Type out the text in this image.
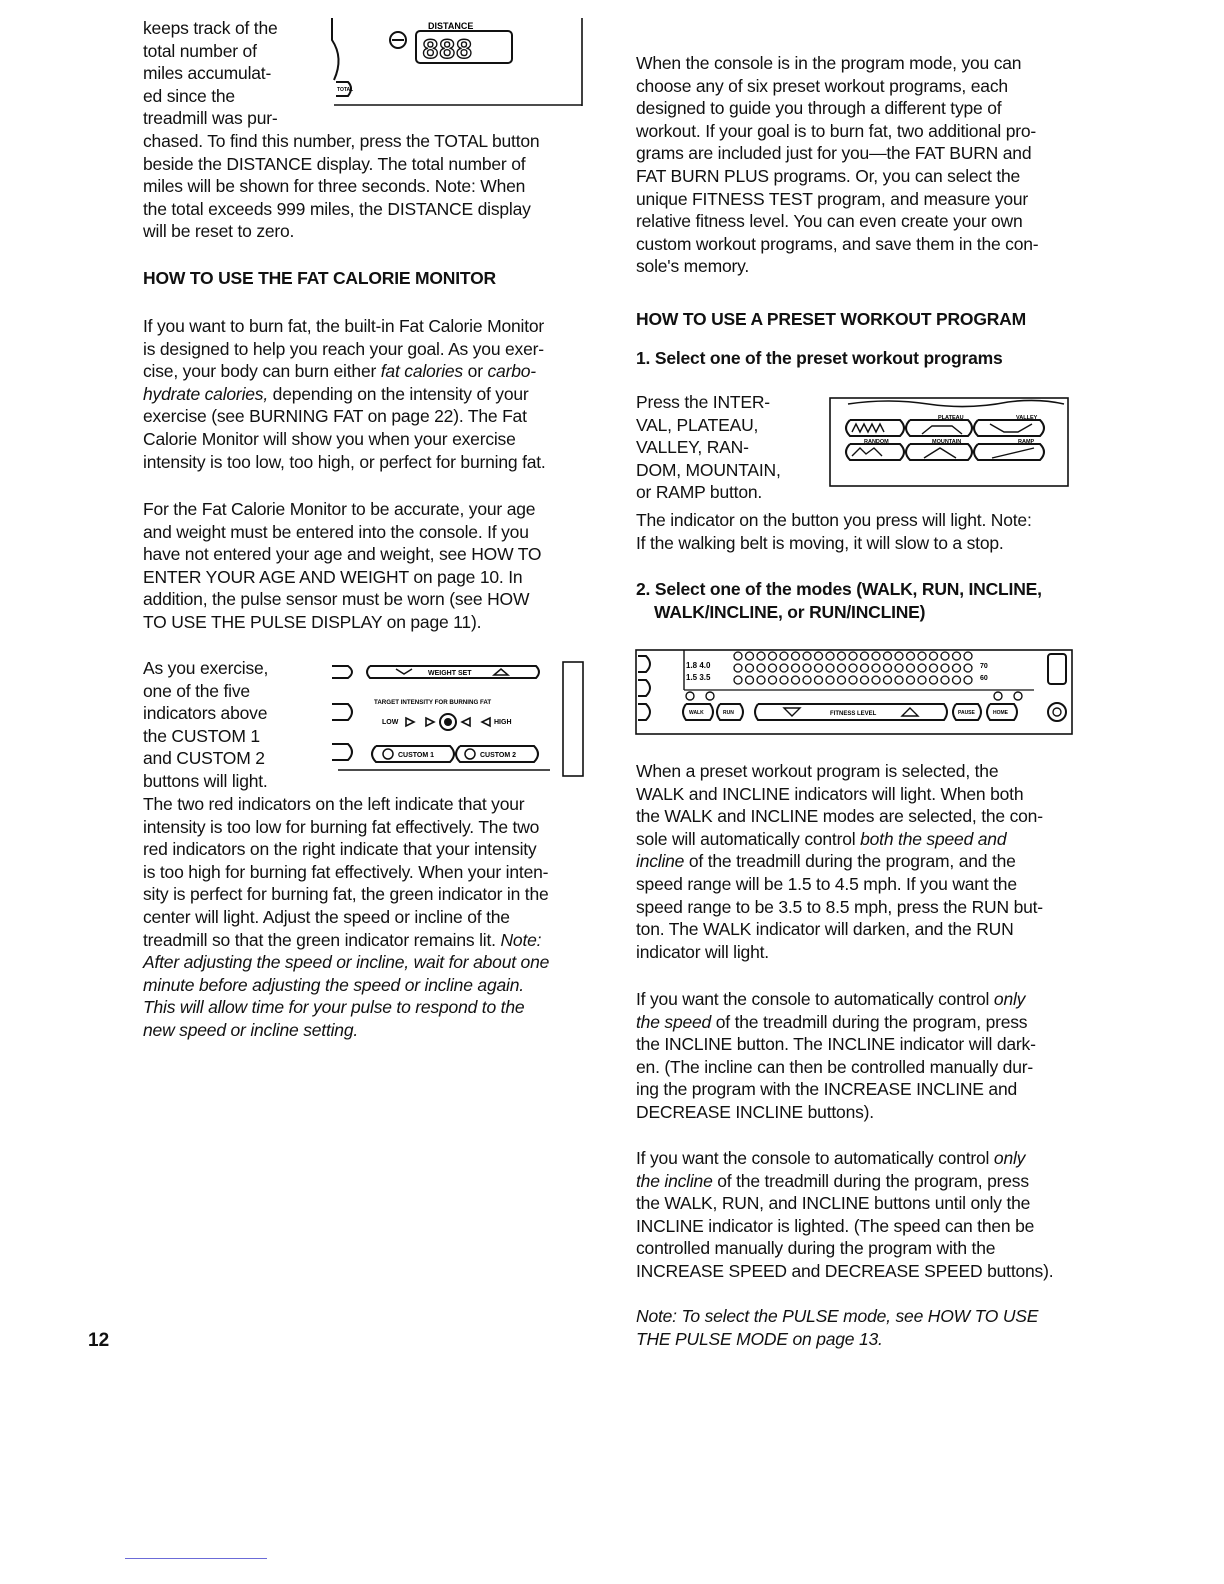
keeps track of the

total number of

miles accumulat-

ed since the

treadmill was pur-

chased. To find this number, press the TOTAL button

beside the DISTANCE display. The total number of

miles will be shown for three seconds. Note: When

the total exceeds 999 miles, the DISTANCE display

will be reset to zero.

HOW TO USE THE FAT CALORIE MONITOR

If you want to burn fat, the built-in Fat Calorie Monitor

is designed to help you reach your goal. As you exer-

cise, your body can burn either fat calories or carbo-

hydrate calories, depending on the intensity of your

exercise (see BURNING FAT on page 22). The Fat

Calorie Monitor will show you when your exercise

intensity is too low, too high, or perfect for burning fat.

For the Fat Calorie Monitor to be accurate, your age

and weight must be entered into the console. If you

have not entered your age and weight, see HOW TO

ENTER YOUR AGE AND WEIGHT on page 10. In

addition, the pulse sensor must be worn (see HOW

TO USE THE PULSE DISPLAY on page 11).

As you exercise,

one of the five

indicators above

the CUSTOM 1

and CUSTOM 2

buttons will light.

The two red indicators on the left indicate that your

intensity is too low for burning fat effectively. The two

red indicators on the right indicate that your intensity

is too high for burning fat effectively. When your inten-

sity is perfect for burning fat, the green indicator in the

center will light. Adjust the speed or incline of the

treadmill so that the green indicator remains lit. Note:

After adjusting the speed or incline, wait for about one

minute before adjusting the speed or incline again.

This will allow time for your pulse to respond to the

new speed or incline setting.

DISTANCE
888
TOTAL
WEIGHT SET
TARGET INTENSITY FOR BURNING FAT
LOW	HIGH
CUSTOM 1	CUSTOM 2

When the console is in the program mode, you can

choose any of six preset workout programs, each

designed to guide you through a different type of

workout. If your goal is to burn fat, two additional pro-

grams are included just for you—the FAT BURN and

FAT BURN PLUS programs. Or, you can select the

unique FITNESS TEST program, and measure your

relative fitness level. You can even create your own

custom workout programs, and save them in the con-

sole's memory.

HOW TO USE A PRESET WORKOUT PROGRAM
1. Select one of the preset workout programs

Press the INTER-

VAL, PLATEAU,

VALLEY, RAN-

DOM, MOUNTAIN,

or RAMP button.

The indicator on the button you press will light. Note:

If the walking belt is moving, it will slow to a stop.

2. Select one of the modes (WALK, RUN, INCLINE,

WALK/INCLINE, or RUN/INCLINE)

When a preset workout program is selected, the

WALK and INCLINE indicators will light. When both

the WALK and INCLINE modes are selected, the con-

sole will automatically control both the speed and

incline of the treadmill during the program, and the

speed range will be 1.5 to 4.5 mph. If you want the

speed range to be 3.5 to 8.5 mph, press the RUN but-

ton. The WALK indicator will darken, and the RUN

indicator will light.

If you want the console to automatically control only

the speed of the treadmill during the program, press

the INCLINE button. The INCLINE indicator will dark-

en. (The incline can then be controlled manually dur-

ing the program with the INCREASE INCLINE and

DECREASE INCLINE buttons).

If you want the console to automatically control only

the incline of the treadmill during the program, press

the WALK, RUN, and INCLINE buttons until only the

INCLINE indicator is lighted. (The speed can then be

controlled manually during the program with the

INCREASE SPEED and DECREASE SPEED buttons).

Note: To select the PULSE mode, see HOW TO USE

THE PULSE MODE on page 13.

PLATEAU	VALLEY
RANDOM	MOUNTAIN	RAMP
1.8 4.0
1.5 3.5
70
60
WALK	RUN	FITNESS LEVEL	PAUSE	HOME
12
